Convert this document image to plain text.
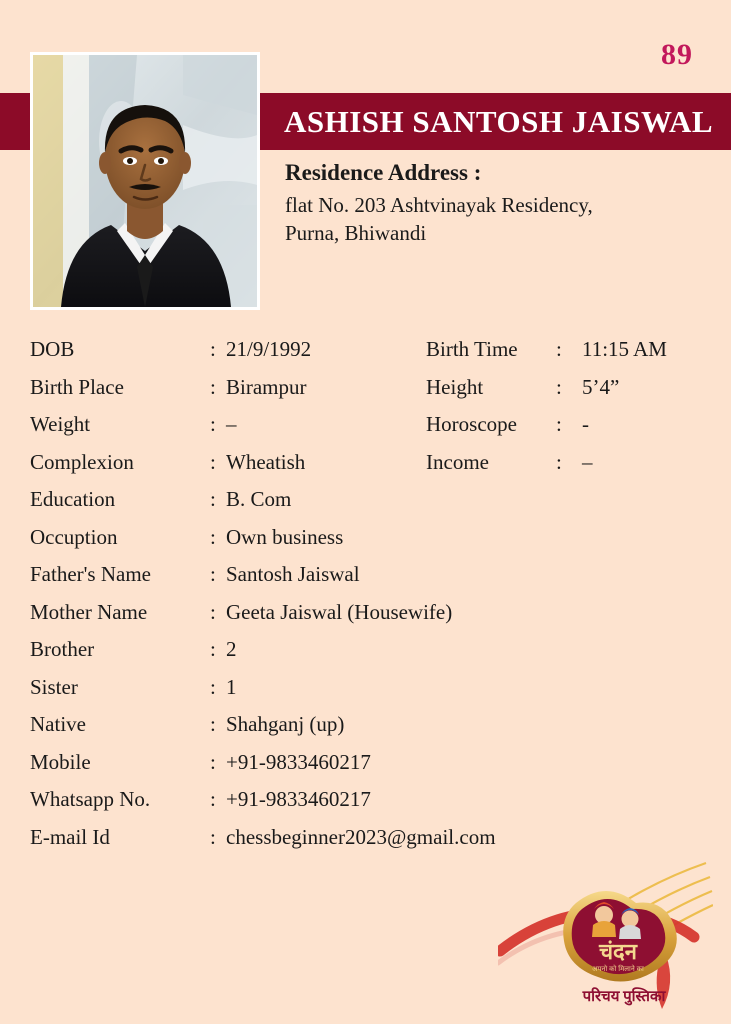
89
ASHISH SANTOSH JAISWAL
Residence Address :
flat No. 203 Ashtvinayak Residency,
Purna, Bhiwandi
DOB	: 21/9/1992	Birth Time	: 11:15 AM
Birth Place	: Birampur	Height	: 5’4”
Weight	: –	Horoscope	: -
Complexion	: Wheatish	Income	: –
Education	: B. Com
Occuption	: Own business
Father's Name	: Santosh Jaiswal
Mother Name	: Geeta Jaiswal (Housewife)
Brother	: 2
Sister	: 1
Native	: Shahganj (up)
Mobile	: +91-9833460217
Whatsapp No.	: +91-9833460217
E-mail Id	: chessbeginner2023@gmail.com
चंदन
अपनो को मिलाने का
परिचय पुस्तिका
